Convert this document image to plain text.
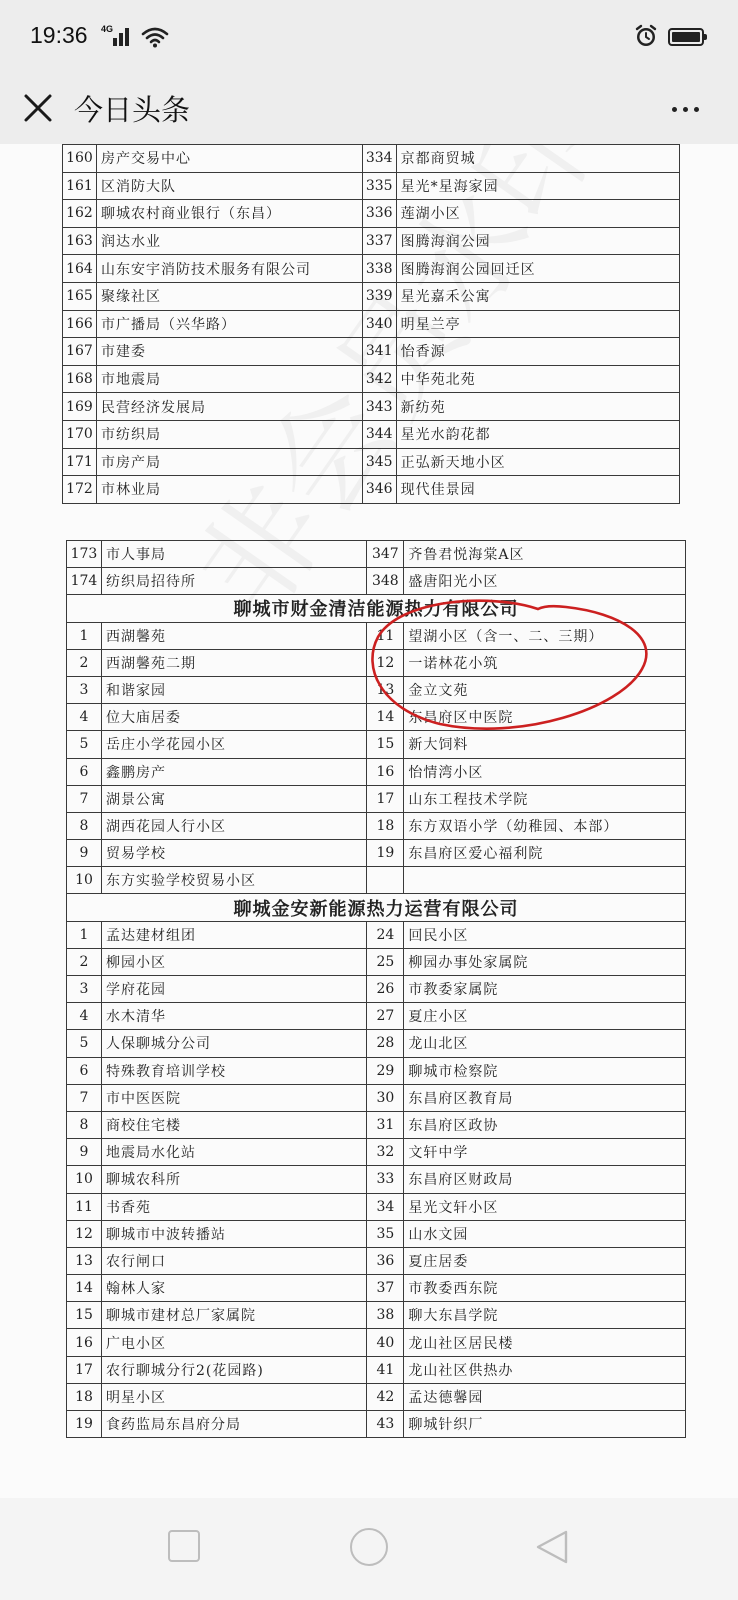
19:36 4G
今日头条
160	房产交易中心	334	京都商贸城
161	区消防大队	335	星光*星海家园
162	聊城农村商业银行（东昌）	336	莲湖小区
163	润达水业	337	图腾海润公园
164	山东安宇消防技术服务有限公司	338	图腾海润公园回迁区
165	聚缘社区	339	星光嘉禾公寓
166	市广播局（兴华路）	340	明星兰亭
167	市建委	341	怡香源
168	市地震局	342	中华苑北苑
169	民营经济发展局	343	新纺苑
170	市纺织局	344	星光水韵花都
171	市房产局	345	正弘新天地小区
172	市林业局	346	现代佳景园
173	市人事局	347	齐鲁君悦海棠A区
174	纺织局招待所	348	盛唐阳光小区
聊城市财金清洁能源热力有限公司			
1	西湖馨苑	11	望湖小区（含一、二、三期）
2	西湖馨苑二期	12	一诺林花小筑
3	和谐家园	13	金立文苑
4	位大庙居委	14	东昌府区中医院
5	岳庄小学花园小区	15	新大饲料
6	鑫鹏房产	16	怡情湾小区
7	湖景公寓	17	山东工程技术学院
8	湖西花园人行小区	18	东方双语小学（幼稚园、本部）
9	贸易学校	19	东昌府区爱心福利院
10	东方实验学校贸易小区		
聊城金安新能源热力运营有限公司			
1	孟达建材组团	24	回民小区
2	柳园小区	25	柳园办事处家属院
3	学府花园	26	市教委家属院
4	水木清华	27	夏庄小区
5	人保聊城分公司	28	龙山北区
6	特殊教育培训学校	29	聊城市检察院
7	市中医医院	30	东昌府区教育局
8	商校住宅楼	31	东昌府区政协
9	地震局水化站	32	文轩中学
10	聊城农科所	33	东昌府区财政局
11	书香苑	34	星光文轩小区
12	聊城市中波转播站	35	山水文园
13	农行闸口	36	夏庄居委
14	翰林人家	37	市教委西东院
15	聊城市建材总厂家属院	38	聊大东昌学院
16	广电小区	40	龙山社区居民楼
17	农行聊城分行2(花园路)	41	龙山社区供热办
18	明星小区	42	孟达德馨园
19	食药监局东昌府分局	43	聊城针织厂
